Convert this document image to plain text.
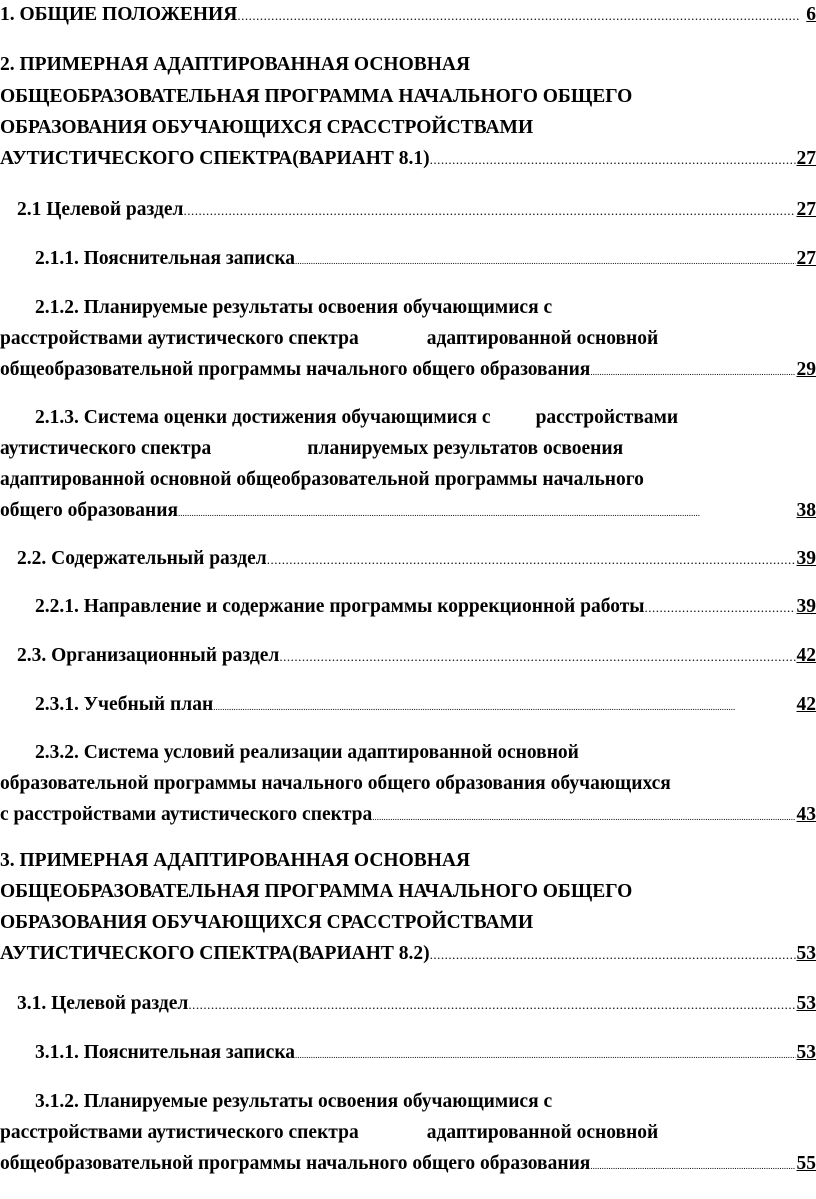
1. ОБЩИЕ ПОЛОЖЕНИЯ .....	6
2. ПРИМЕРНАЯ АДАПТИРОВАННАЯ ОСНОВНАЯ
ОБЩЕОБРАЗОВАТЕЛЬНАЯ ПРОГРАММА НАЧАЛЬНОГО ОБЩЕГО
ОБРАЗОВАНИЯ ОБУЧАЮЩИХСЯ СРАССТРОЙСТВАМИ
АУТИСТИЧЕСКОГО СПЕКТРА(ВАРИАНТ 8.1) .....	27
2.1 Целевой раздел .....	27
2.1.1. Пояснительная записка .....	27
2.1.2. Планируемые результаты освоения обучающимися с
расстройствами аутистического спектра	адаптированной основной
общеобразовательной программы начального общего образования .....	29
2.1.3. Система оценки достижения обучающимися с расстройствами
аутистического спектра	планируемых результатов освоения
адаптированной основной общеобразовательной программы начального
общего образования .....	38
2.2. Содержательный раздел .....	39
2.2.1. Направление и содержание программы коррекционной работы .....	39
2.3. Организационный раздел .....	42
2.3.1. Учебный план .....	42
2.3.2. Система условий реализации адаптированной основной
образовательной программы начального общего образования обучающихся
с расстройствами аутистического спектра .....	43
3. ПРИМЕРНАЯ АДАПТИРОВАННАЯ ОСНОВНАЯ
ОБЩЕОБРАЗОВАТЕЛЬНАЯ ПРОГРАММА НАЧАЛЬНОГО ОБЩЕГО
ОБРАЗОВАНИЯ ОБУЧАЮЩИХСЯ СРАССТРОЙСТВАМИ
АУТИСТИЧЕСКОГО СПЕКТРА(ВАРИАНТ 8.2) .....	53
3.1. Целевой раздел .....	53
3.1.1. Пояснительная записка .....	53
3.1.2. Планируемые результаты освоения обучающимися с
расстройствами аутистического спектра	адаптированной основной
общеобразовательной программы начального общего образования .....	55
